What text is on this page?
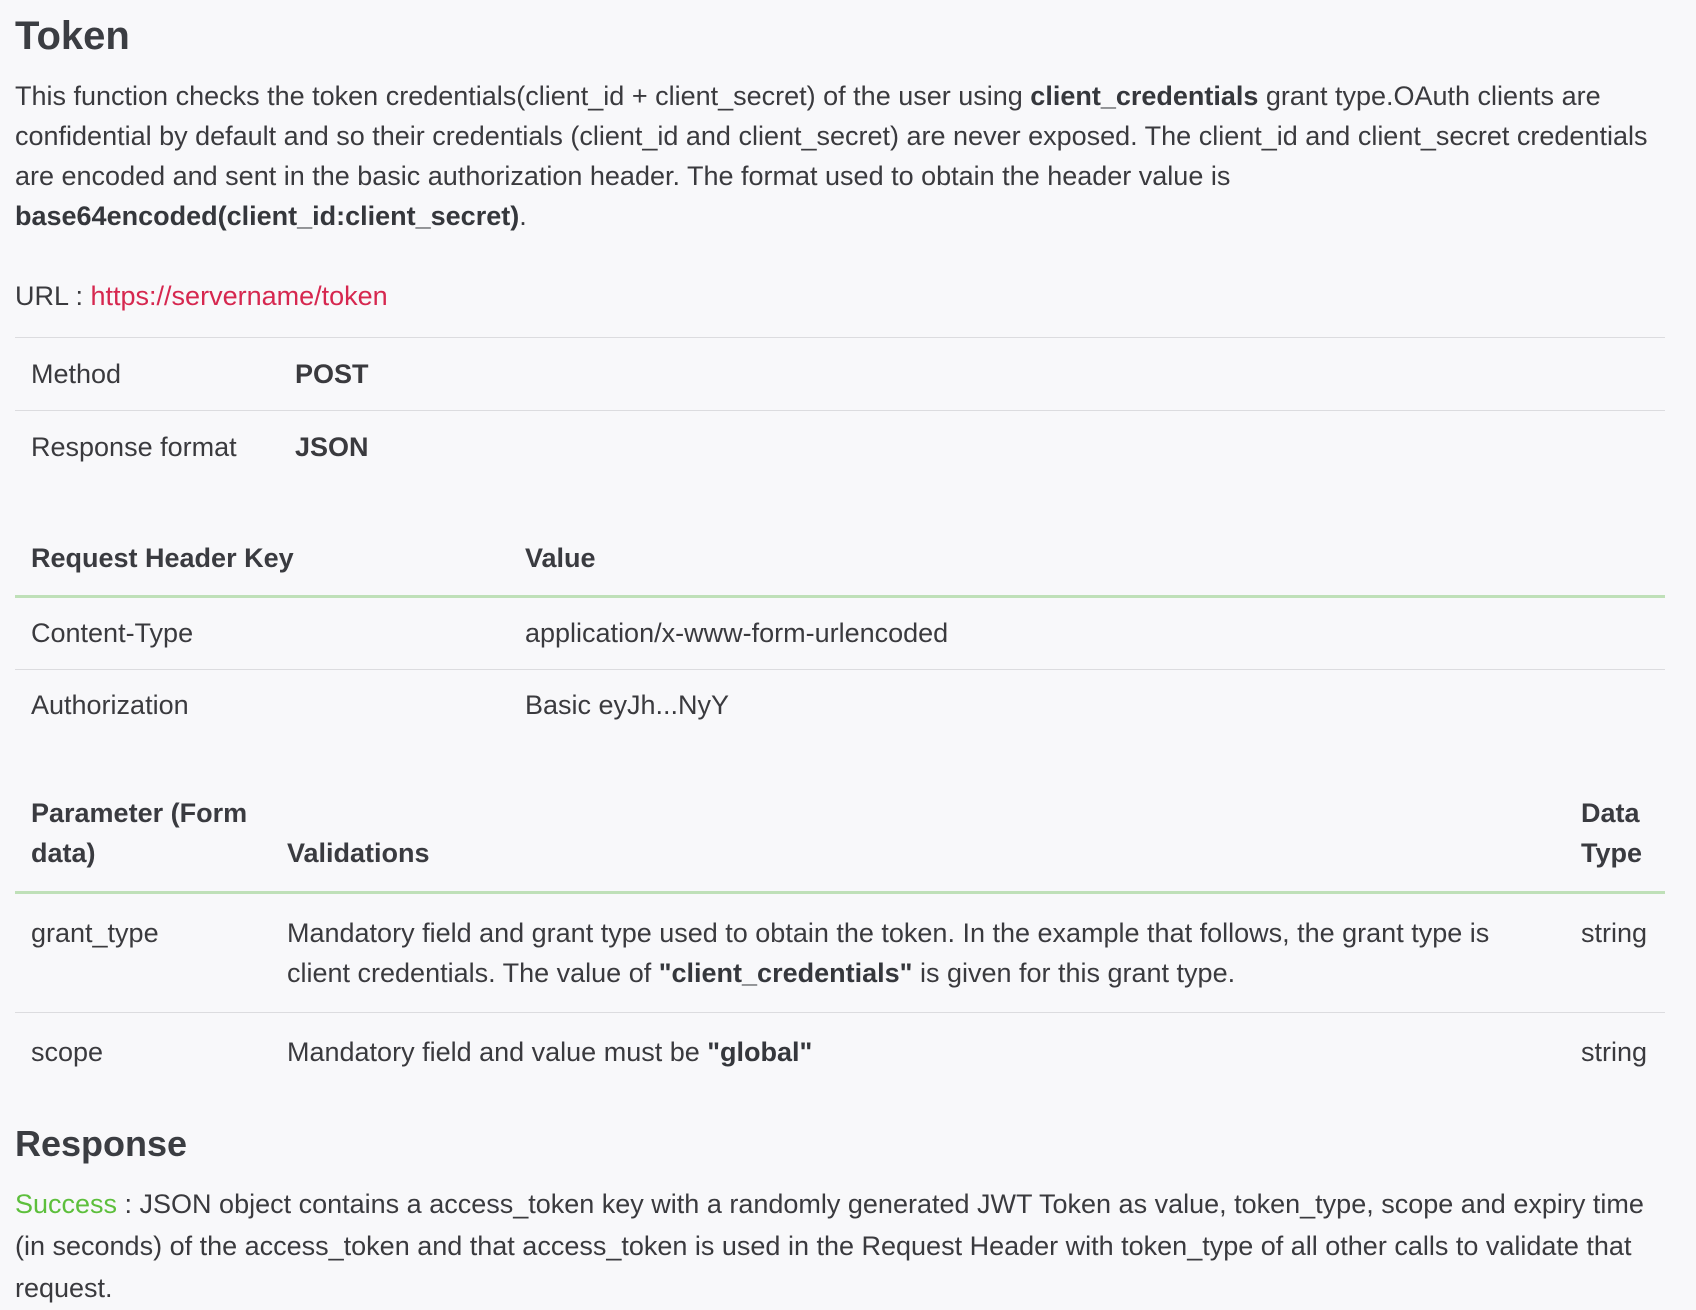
Token

This function checks the token credentials(client_id + client_secret) of the user using client_credentials grant type.OAuth clients are confidential by default and so their credentials (client_id and client_secret) are never exposed. The client_id and client_secret credentials are encoded and sent in the basic authorization header. The format used to obtain the header value is base64encoded(client_id:client_secret).

URL : https://servername/token

Method	POST
Response format	JSON
Request Header Key	Value
Content-Type	application/x-www-form-urlencoded
Authorization	Basic eyJh...NyY
Parameter (Form data)	Validations	Data Type
grant_type	Mandatory field and grant type used to obtain the token. In the example that follows, the grant type is client credentials. The value of "client_credentials" is given for this grant type.	string
scope	Mandatory field and value must be "global"	string
Response

Success : JSON object contains a access_token key with a randomly generated JWT Token as value, token_type, scope and expiry time (in seconds) of the access_token and that access_token is used in the Request Header with token_type of all other calls to validate that request.
